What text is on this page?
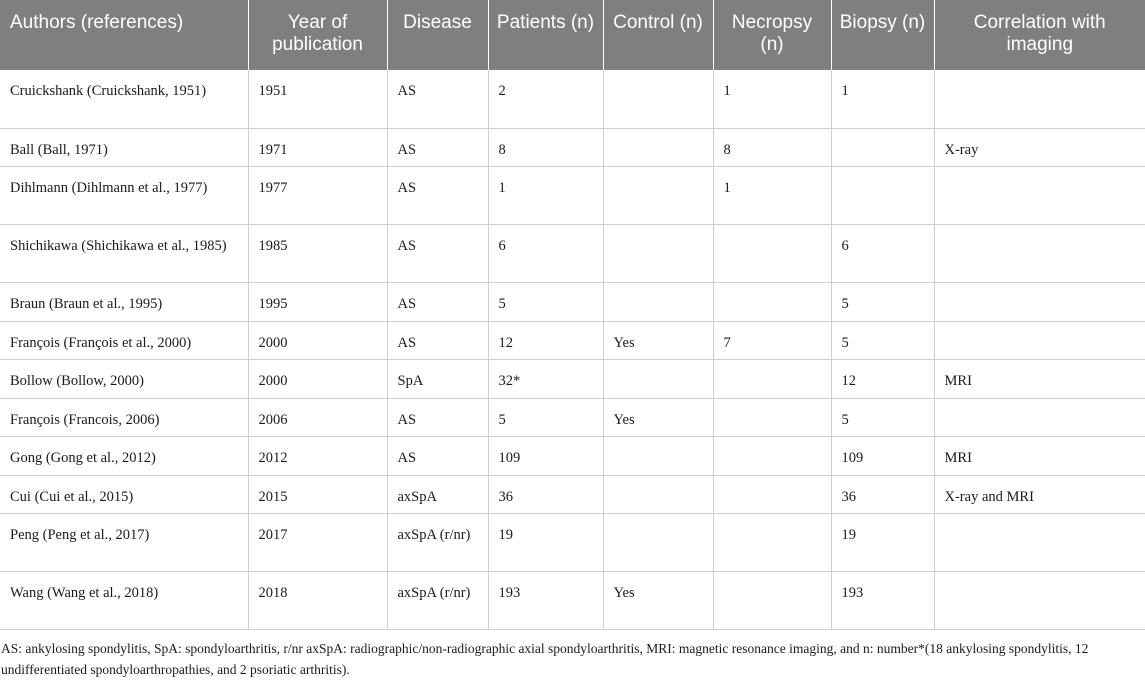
Authors (references)	Year of publication	Disease	Patients (n)	Control (n)	Necropsy (n)	Biopsy (n)	Correlation with imaging
Cruickshank (Cruickshank, 1951)	1951	AS	2		1	1	
Ball (Ball, 1971)	1971	AS	8		8		X-ray
Dihlmann (Dihlmann et al., 1977)	1977	AS	1		1		
Shichikawa (Shichikawa et al., 1985)	1985	AS	6			6	
Braun (Braun et al., 1995)	1995	AS	5			5	
François (François et al., 2000)	2000	AS	12	Yes	7	5	
Bollow (Bollow, 2000)	2000	SpA	32*			12	MRI
François (Francois, 2006)	2006	AS	5	Yes		5	
Gong (Gong et al., 2012)	2012	AS	109			109	MRI
Cui (Cui et al., 2015)	2015	axSpA	36			36	X-ray and MRI
Peng (Peng et al., 2017)	2017	axSpA (r/nr)	19			19	
Wang (Wang et al., 2018)	2018	axSpA (r/nr)	193	Yes		193	
AS: ankylosing spondylitis, SpA: spondyloarthritis, r/nr axSpA: radiographic/non-radiographic axial spondyloarthritis, MRI: magnetic resonance imaging, and n: number*(18 ankylosing spondylitis, 12 undifferentiated spondyloarthropathies, and 2 psoriatic arthritis).
